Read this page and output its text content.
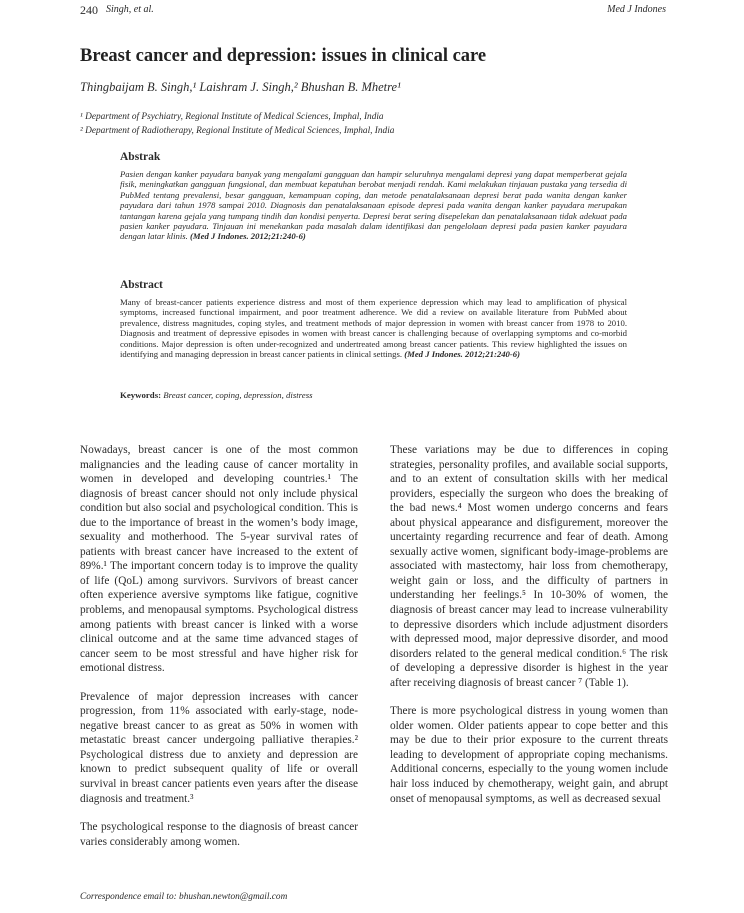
240 Singh, et al.	Med J Indones
Breast cancer and depression: issues in clinical care
Thingbaijam B. Singh,¹ Laishram J. Singh,² Bhushan B. Mhetre¹
¹ Department of Psychiatry, Regional Institute of Medical Sciences, Imphal, India
² Department of Radiotherapy, Regional Institute of Medical Sciences, Imphal, India
Abstrak

Pasien dengan kanker payudara banyak yang mengalami gangguan dan hampir seluruhnya mengalami depresi yang dapat memperberat gejala fisik, meningkatkan gangguan fungsional, dan membuat kepatuhan berobat menjadi rendah. Kami melakukan tinjauan pustaka yang tersedia di PubMed tentang prevalensi, besar gangguan, kemampuan coping, dan metode penatalaksanaan depresi berat pada wanita dengan kanker payudara dari tahun 1978 sampai 2010. Diagnosis dan penatalaksanaan episode depresi pada wanita dengan kanker payudara merupakan tantangan karena gejala yang tumpang tindih dan kondisi penyerta. Depresi berat sering disepelekan dan penatalaksanaan tidak adekuat pada pasien kanker payudara. Tinjauan ini menekankan pada masalah dalam identifikasi dan pengelolaan depresi pada pasien kanker payudara dengan latar klinis. (Med J Indones. 2012;21:240-6)

Abstract

Many of breast-cancer patients experience distress and most of them experience depression which may lead to amplification of physical symptoms, increased functional impairment, and poor treatment adherence. We did a review on available literature from PubMed about prevalence, distress magnitudes, coping styles, and treatment methods of major depression in women with breast cancer from 1978 to 2010. Diagnosis and treatment of depressive episodes in women with breast cancer is challenging because of overlapping symptoms and co-morbid conditions. Major depression is often under-recognized and undertreated among breast cancer patients. This review highlighted the issues on identifying and managing depression in breast cancer patients in clinical settings. (Med J Indones. 2012;21:240-6)

Keywords: Breast cancer, coping, depression, distress

Nowadays, breast cancer is one of the most common malignancies and the leading cause of cancer mortality in women in developed and developing countries.¹ The diagnosis of breast cancer should not only include physical condition but also social and psychological condition. This is due to the importance of breast in the women’s body image, sexuality and motherhood. The 5-year survival rates of patients with breast cancer have increased to the extent of 89%.¹ The important concern today is to improve the quality of life (QoL) among survivors. Survivors of breast cancer often experience aversive symptoms like fatigue, cognitive problems, and menopausal symptoms. Psychological distress among patients with breast cancer is linked with a worse clinical outcome and at the same time advanced stages of cancer seem to be most stressful and have higher risk for emotional distress.

Prevalence of major depression increases with cancer progression, from 11% associated with early-stage, node-negative breast cancer to as great as 50% in women with metastatic breast cancer undergoing palliative therapies.² Psychological distress due to anxiety and depression are known to predict subsequent quality of life or overall survival in breast cancer patients even years after the disease diagnosis and treatment.³

The psychological response to the diagnosis of breast cancer varies considerably among women.

These variations may be due to differences in coping strategies, personality profiles, and available social supports, and to an extent of consultation skills with her medical providers, especially the surgeon who does the breaking of the bad news.⁴ Most women undergo concerns and fears about physical appearance and disfigurement, moreover the uncertainty regarding recurrence and fear of death. Among sexually active women, significant body-image-problems are associated with mastectomy, hair loss from chemotherapy, weight gain or loss, and the difficulty of partners in understanding her feelings.⁵ In 10-30% of women, the diagnosis of breast cancer may lead to increase vulnerability to depressive disorders which include adjustment disorders with depressed mood, major depressive disorder, and mood disorders related to the general medical condition.⁶ The risk of developing a depressive disorder is highest in the year after receiving diagnosis of breast cancer ⁷ (Table 1).

There is more psychological distress in young women than older women. Older patients appear to cope better and this may be due to their prior exposure to the current threats leading to development of appropriate coping mechanisms. Additional concerns, especially to the young women include hair loss induced by chemotherapy, weight gain, and abrupt onset of menopausal symptoms, as well as decreased sexual

Correspondence email to: bhushan.newton@gmail.com
